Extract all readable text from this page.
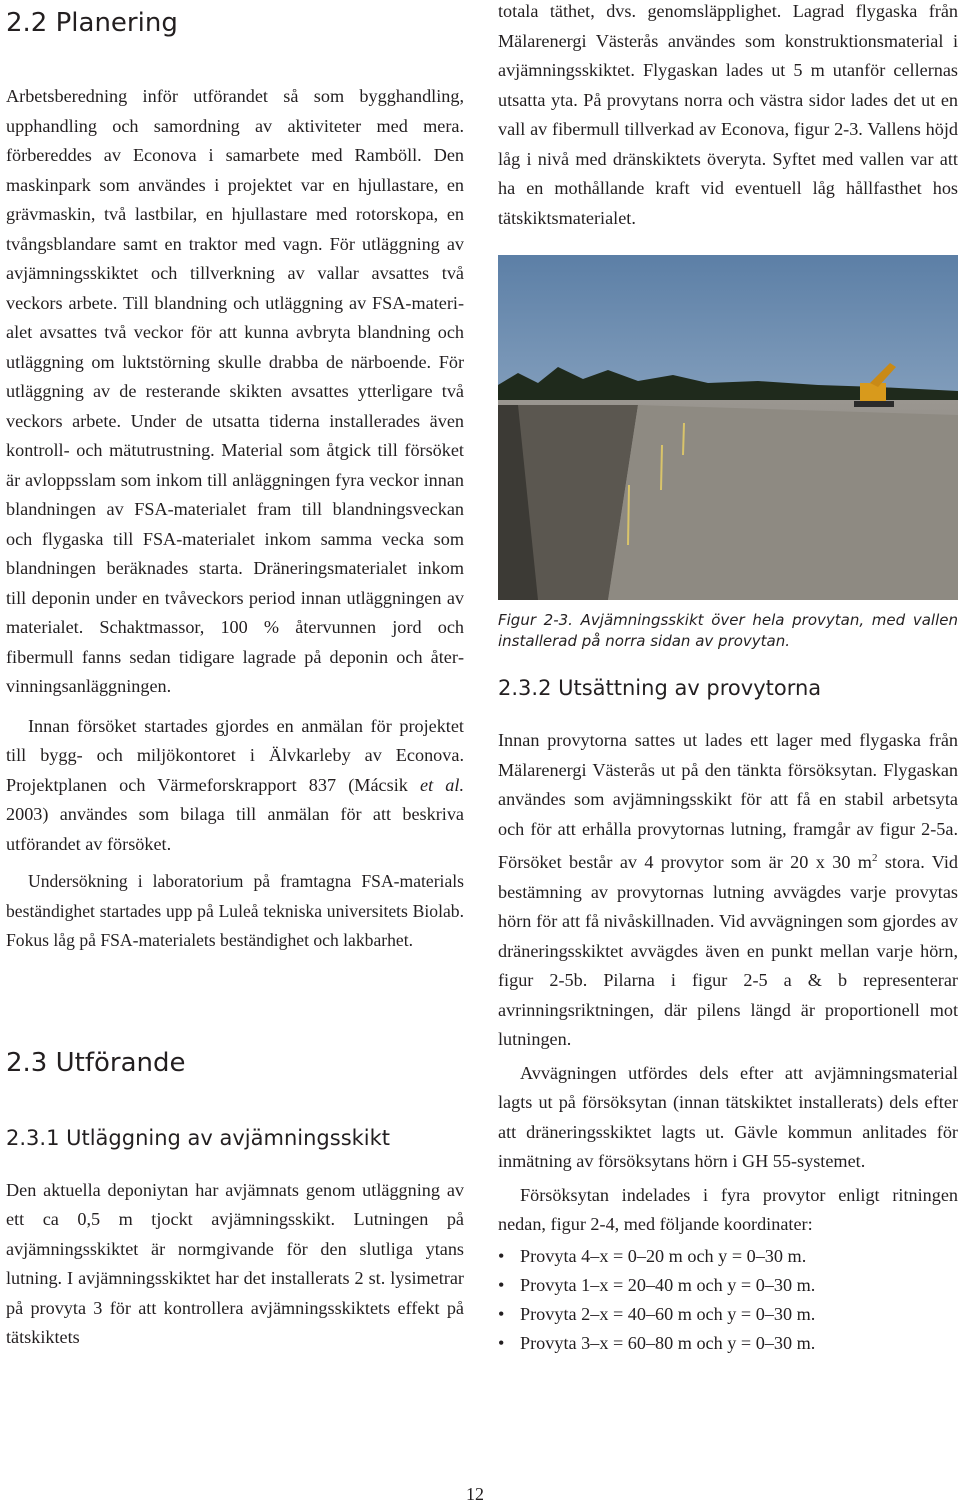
2.2 Planering

Arbetsberedning inför utförandet så som bygghandling, upphandling och samordning av aktiviteter med mera. förbereddes av Econova i samarbete med Ramböll. Den maskinpark som användes i projektet var en hjullastare, en grävmaskin, två lastbilar, en hjullastare med rotorskopa, en tvångsblandare samt en traktor med vagn. För utläggning av avjämningsskiktet och tillverkning av vallar avsattes två veckors arbete. Till blandning och utläggning av FSA-materialet avsattes två veckor för att kunna avbryta blandning och utläggning om luktstörning skulle drabba de närboende. För utläggning av de resterande skikten avsattes ytterligare två veckors arbete. Under de utsatta tiderna installerades även kontroll- och mätutrustning. Material som åtgick till försöket är avloppsslam som inkom till anläggningen fyra veckor innan blandningen av FSA-materialet fram till blandningsveckan och flygaska till FSA-materialet inkom samma vecka som blandningen beräknades starta. Dräneringsmaterialet inkom till deponin under en tvåveckors period innan utläggningen av materialet. Schaktmassor, 100 % återvunnen jord och fibermull fanns sedan tidigare lagrade på deponin och återvinningsanläggningen.

Innan försöket startades gjordes en anmälan för projektet till bygg- och miljökontoret i Älvkarleby av Econova. Projektplanen och Värmeforskrapport 837 (Mácsik et al. 2003) användes som bilaga till anmälan för att beskriva utförandet av försöket.

Undersökning i laboratorium på framtagna FSA-materials beständighet startades upp på Luleå tekniska universitets Biolab. Fokus låg på FSA-materialets beständighet och lakbarhet.

2.3 Utförande
2.3.1 Utläggning av avjämningsskikt

Den aktuella deponiytan har avjämnats genom utläggning av ett ca 0,5 m tjockt avjämningsskikt. Lutningen på avjämningsskiktet är normgivande för den slutliga ytans lutning. I avjämningsskiktet har det installerats 2 st. lysimetrar på provyta 3 för att kontrollera avjämningsskiktets effekt på tätskiktets

totala täthet, dvs. genomsläpplighet. Lagrad flygaska från Mälarenergi Västerås användes som konstruktionsmaterial i avjämningsskiktet. Flygaskan lades ut 5 m utanför cellernas utsatta yta. På provytans norra och västra sidor lades det ut en vall av fibermull tillverkad av Econova, figur 2-3. Vallens höjd låg i nivå med dränskiktets överyta. Syftet med vallen var att ha en mothållande kraft vid eventuell låg hållfasthet hos tätskiktsmaterialet.

Figur 2-3. Avjämningsskikt över hela provytan, med vallen installerad på norra sidan av provytan.

2.3.2 Utsättning av provytorna

Innan provytorna sattes ut lades ett lager med flygaska från Mälarenergi Västerås ut på den tänkta försöksytan. Flygaskan användes som avjämningsskikt för att få en stabil arbetsyta och för att erhålla provytornas lutning, framgår av figur 2-5a. Försöket består av 4 provytor som är 20 x 30 $m^2$ stora. Vid bestämning av provytornas lutning avvägdes varje provytas hörn för att få nivåskillnaden. Vid avvägningen som gjordes av dräneringsskiktet avvägdes även en punkt mellan varje hörn, figur 2-5b. Pilarna i figur 2-5 a & b representerar avrinningsriktningen, där pilens längd är proportionell mot lutningen.

Avvägningen utfördes dels efter att avjämningsmaterial lagts ut på försöksytan (innan tätskiktet installerats) dels efter att dräneringsskiktet lagts ut. Gävle kommun anlitades för inmätning av försöksytans hörn i GH 55-systemet.

Försöksytan indelades i fyra provytor enligt ritningen nedan, figur 2-4, med följande koordinater:

• Provyta 4–x = 0–20 m och y = 0–30 m.
• Provyta 1–x = 20–40 m och y = 0–30 m.
• Provyta 2–x = 40–60 m och y = 0–30 m.
• Provyta 3–x = 60–80 m och y = 0–30 m.
12
